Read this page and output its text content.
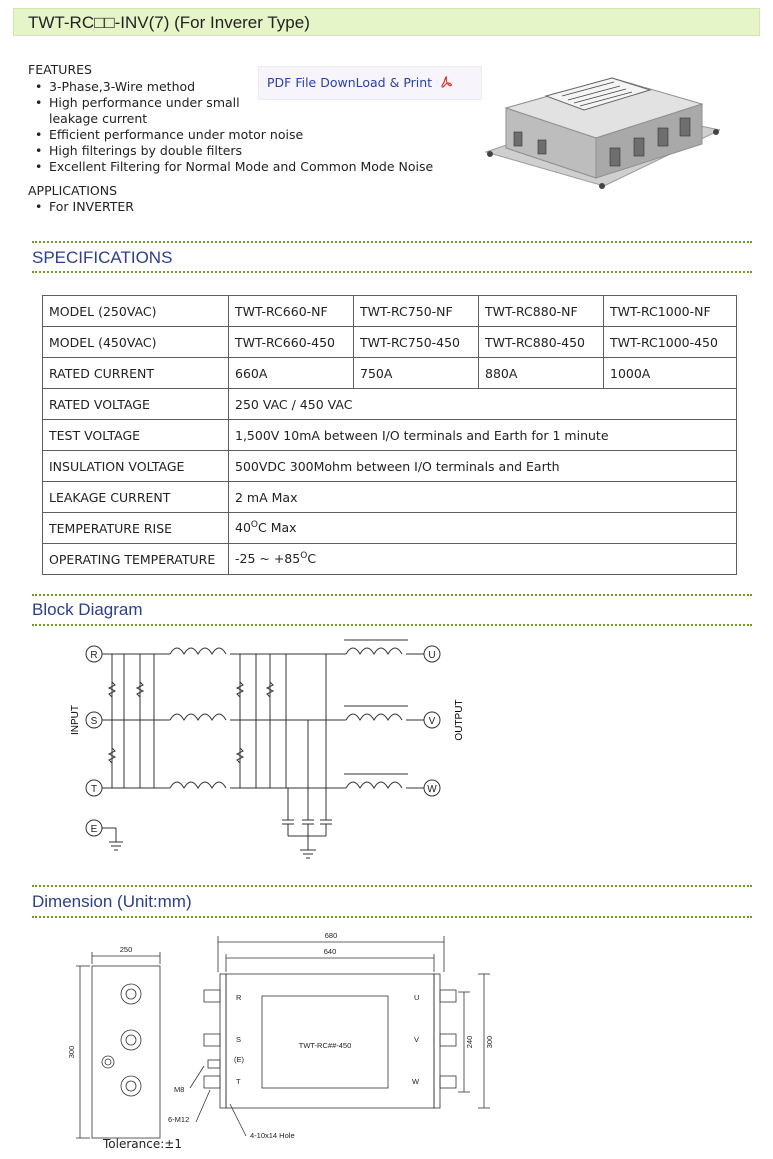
TWT-RC□□-INV(7) (For Inverer Type)
FEATURES
• 3-Phase,3-Wire method
• High performance under small
leakage current
• Efficient performance under motor noise
• High filterings by double filters
• Excellent Filtering for Normal Mode and Common Mode Noise
APPLICATIONS
• For INVERTER
PDF File DownLoad & Print
SPECIFICATIONS
MODEL (250VAC)	TWT-RC660-NF	TWT-RC750-NF	TWT-RC880-NF	TWT-RC1000-NF
MODEL (450VAC)	TWT-RC660-450	TWT-RC750-450	TWT-RC880-450	TWT-RC1000-450
RATED CURRENT	660A	750A	880A	1000A
RATED VOLTAGE	250 VAC / 450 VAC			
TEST VOLTAGE	1,500V 10mA between I/O terminals and Earth for 1 minute			
INSULATION VOLTAGE	500VDC 300Mohm between I/O terminals and Earth			
LEAKAGE CURRENT	2 mA Max			
TEMPERATURE RISE	$40^OC$ Max			
OPERATING TEMPERATURE	-25 ~ $+85^OC$			
Block Diagram
R
S
T
E
U
V
W
INPUT	OUTPUT
Dimension (Unit:mm)
250
300
680
640
240 300
TWT-RC##-450
R
S
(E)
T
U
V
W
M8
6-M12
4-10x14 Hole
Tolerance:±1
